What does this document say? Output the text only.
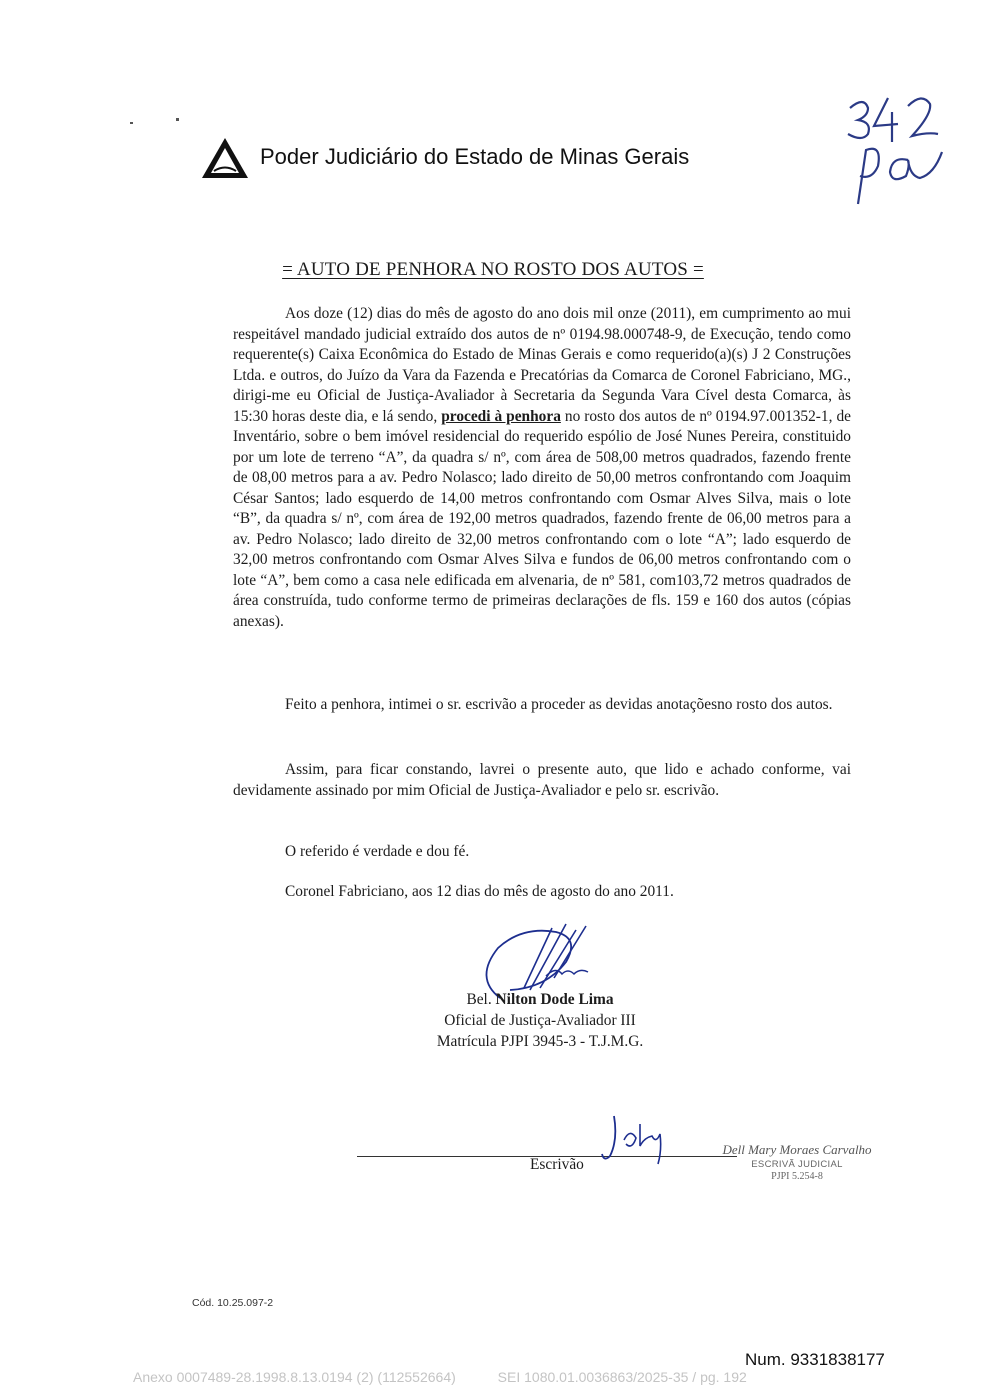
Poder Judiciário do Estado de Minas Gerais
= AUTO DE PENHORA NO ROSTO DOS AUTOS =

Aos doze (12) dias do mês de agosto do ano dois mil onze (2011), em cumprimento ao mui respeitável mandado judicial extraído dos autos de nº 0194.98.000748-9, de Execução, tendo como requerente(s) Caixa Econômica do Estado de Minas Gerais e como requerido(a)(s) J 2 Construções Ltda. e outros, do Juízo da Vara da Fazenda e Precatórias da Comarca de Coronel Fabriciano, MG., dirigi-me eu Oficial de Justiça-Avaliador à Secretaria da Segunda Vara Cível desta Comarca, às 15:30 horas deste dia, e lá sendo, procedi à penhora no rosto dos autos de nº 0194.97.001352-1, de Inventário, sobre o bem imóvel residencial do requerido espólio de José Nunes Pereira, constituido por um lote de terreno “A”, da quadra s/ nº, com área de 508,00 metros quadrados, fazendo frente de 08,00 metros para a av. Pedro Nolasco; lado direito de 50,00 metros confrontando com Joaquim César Santos; lado esquerdo de 14,00 metros confrontando com Osmar Alves Silva, mais o lote “B”, da quadra s/ nº, com área de 192,00 metros quadrados, fazendo frente de 06,00 metros para a av. Pedro Nolasco; lado direito de 32,00 metros confrontando com o lote “A”; lado esquerdo de 32,00 metros confrontando com Osmar Alves Silva e fundos de 06,00 metros confrontando com o lote “A”, bem como a casa nele edificada em alvenaria, de nº 581, com103,72 metros quadrados de área construída, tudo conforme termo de primeiras declarações de fls. 159 e 160 dos autos (cópias anexas).

Feito a penhora, intimei o sr. escrivão a proceder as devidas anotaçõesno rosto dos autos.

Assim, para ficar constando, lavrei o presente auto, que lido e achado conforme, vai devidamente assinado por mim Oficial de Justiça-Avaliador e pelo sr. escrivão.

O referido é verdade e dou fé.
Coronel Fabriciano, aos 12 dias do mês de agosto do ano 2011.
Bel. Nilton Dode Lima
Oficial de Justiça-Avaliador III
Matrícula PJPI 3945-3 - T.J.M.G.
Escrivão
Dell Mary Moraes Carvalho
ESCRIVÃ JUDICIAL
PJPI 5.254-8
Cód. 10.25.097-2
Num. 9331838177
Anexo 0007489-28.1998.8.13.0194 (2) (112552664)	SEI 1080.01.0036863/2025-35 / pg. 192
